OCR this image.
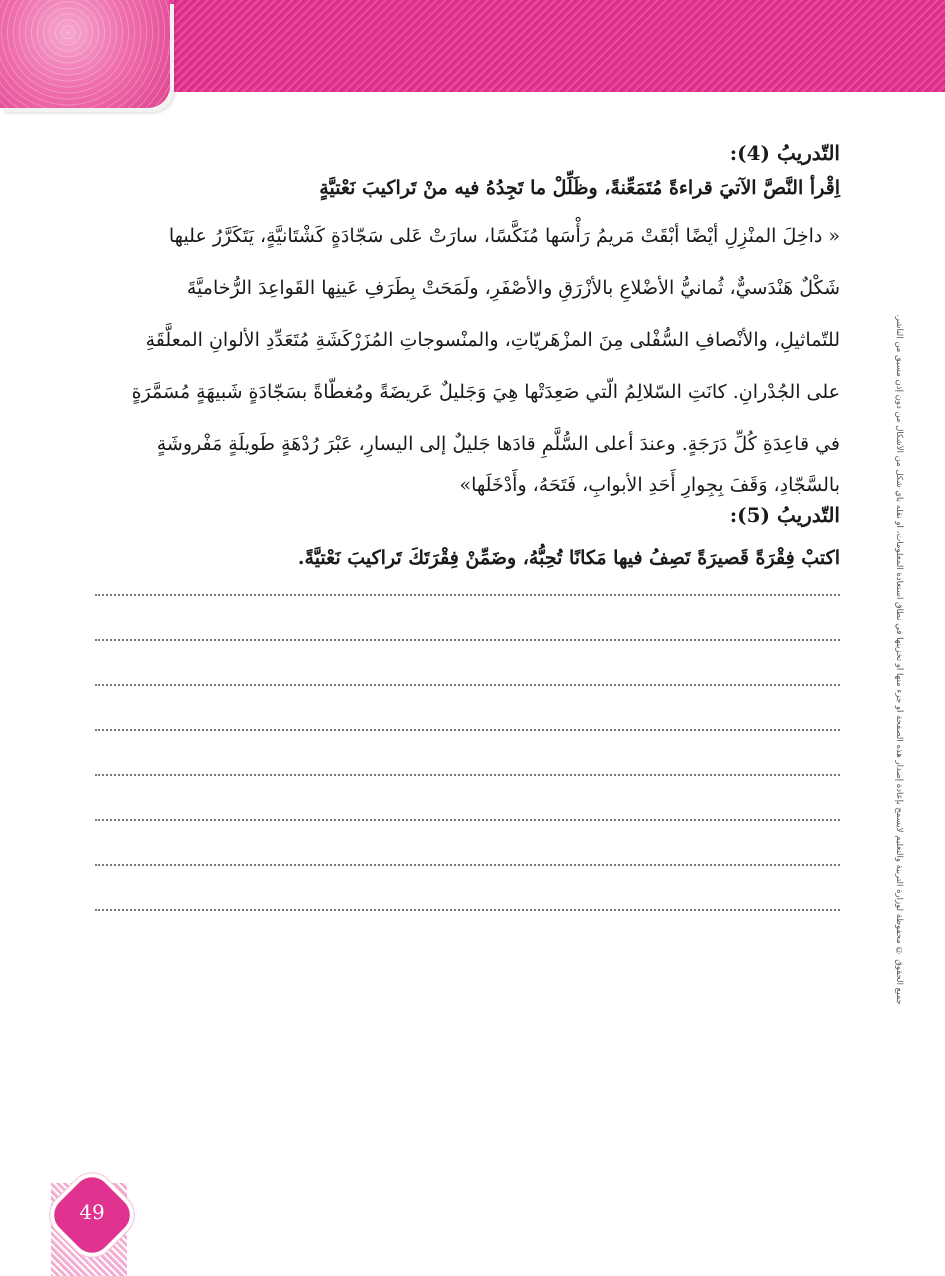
جميع الحقوق © محفوظة لوزارة التربية والتعليم لايسمح بإعادة إصدار هذه الصفحة أو جزء منها أو تخزينها في نطاق استعادة المعلومات، أو نقله بأي شكل من الأشكال من دون إذن مسبق من الناشر.

التّدريبُ (4):

اِقْرأ النَّصَّ الآتيَ قراءةً مُتَمَعِّنةً، وظَلِّلْ ما تَجِدُهُ فيه منْ تَراكيبَ نَعْتيَّةٍ

« داخِلَ المنْزِلِ أيْضًا أبْقَتْ مَريمُ رَأْسَها مُنَكَّسًا، سارَتْ عَلى سَجّادَةٍ كَشْتَانيَّةٍ، يَتَكَرَّرُ عليها

شَكْلٌ هَنْدَسيٌّ، ثُمانيُّ الأضْلاعِ بالأزْرَقِ والأصْفَرِ، ولَمَحَتْ بِطَرَفِ عَينِها القَواعِدَ الرُّخاميَّةَ

للتّماثيلِ، والأنْصافِ السُّفْلى مِنَ المزْهَريّاتِ، والمنْسوجاتِ المُزَرْكَشَةِ مُتَعَدِّدِ الألوانِ المعلَّقَةِ

على الجُدْرانِ. كانَتِ السّلالِمُ الّتي صَعِدَتْها هِيَ وَجَليلٌ عَريضَةً ومُغطّاةً بسَجّادَةٍ شَبيهَةٍ مُسَمَّرَةٍ

في قاعِدَةِ كُلِّ دَرَجَةٍ. وعندَ أعلى السُّلَّمِ قادَها جَليلٌ إلى اليسارِ، عَبْرَ رُدْهَةٍ طَويلَةٍ مَفْروشَةٍ

بالسَّجّادِ، وَقَفَ بِجِوارِ أَحَدِ الأبوابِ، فَتَحَهُ، وأَدْخَلَها»

التّدريبُ (5):

اكتبْ فِقْرَةً قَصيرَةً تَصِفُ فيها مَكانًا تُحِبُّهُ، وضَمِّنْ فِقْرَتَكَ تَراكيبَ نَعْتيَّةً.

49
